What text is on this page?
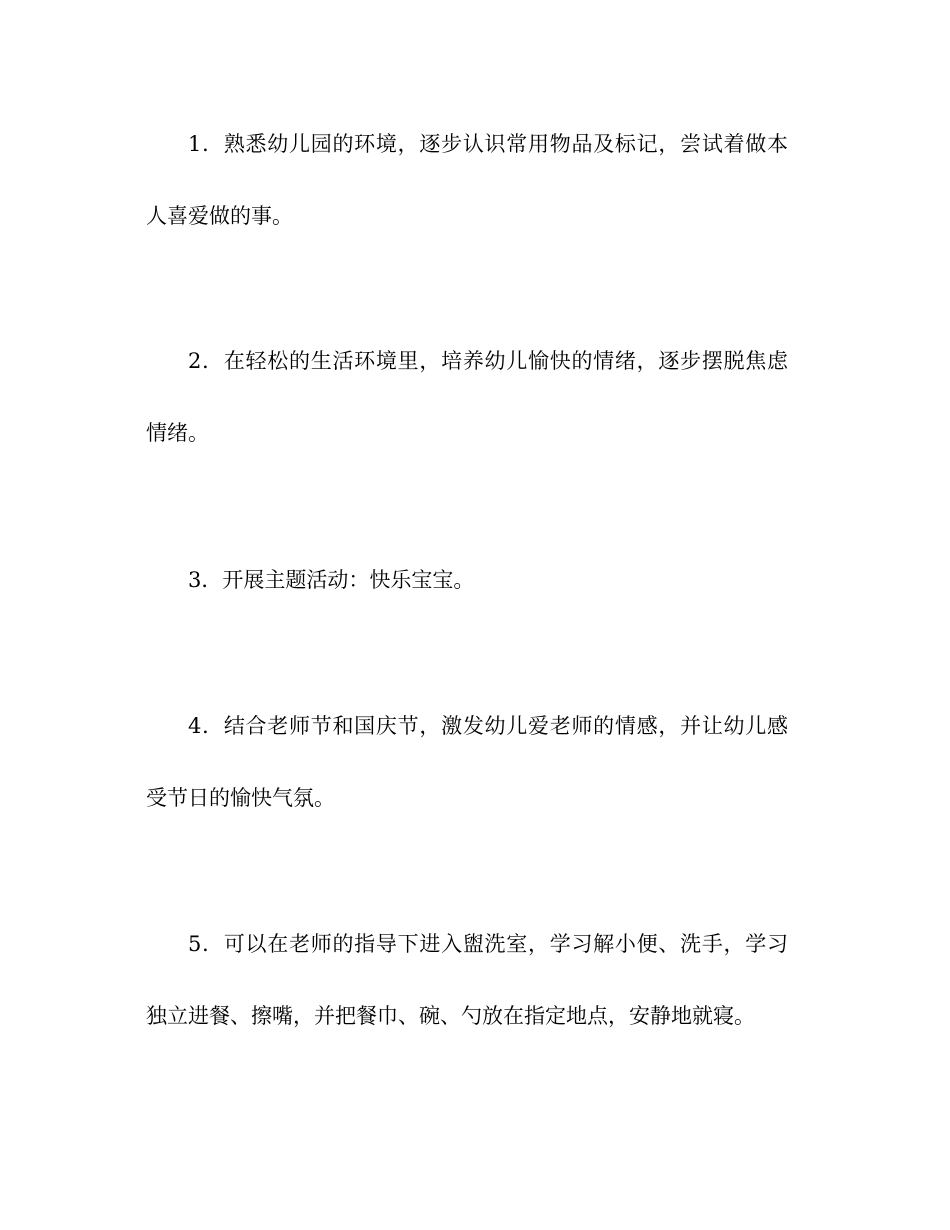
1．熟悉幼儿园的环境，逐步认识常用物品及标记，尝试着做本人喜爱做的事。

2．在轻松的生活环境里，培养幼儿愉快的情绪，逐步摆脱焦虑情绪。

3．开展主题活动：快乐宝宝。

4．结合老师节和国庆节，激发幼儿爱老师的情感，并让幼儿感受节日的愉快气氛。

5．可以在老师的指导下进入盥洗室，学习解小便、洗手，学习独立进餐、擦嘴，并把餐巾、碗、勺放在指定地点，安静地就寝。
